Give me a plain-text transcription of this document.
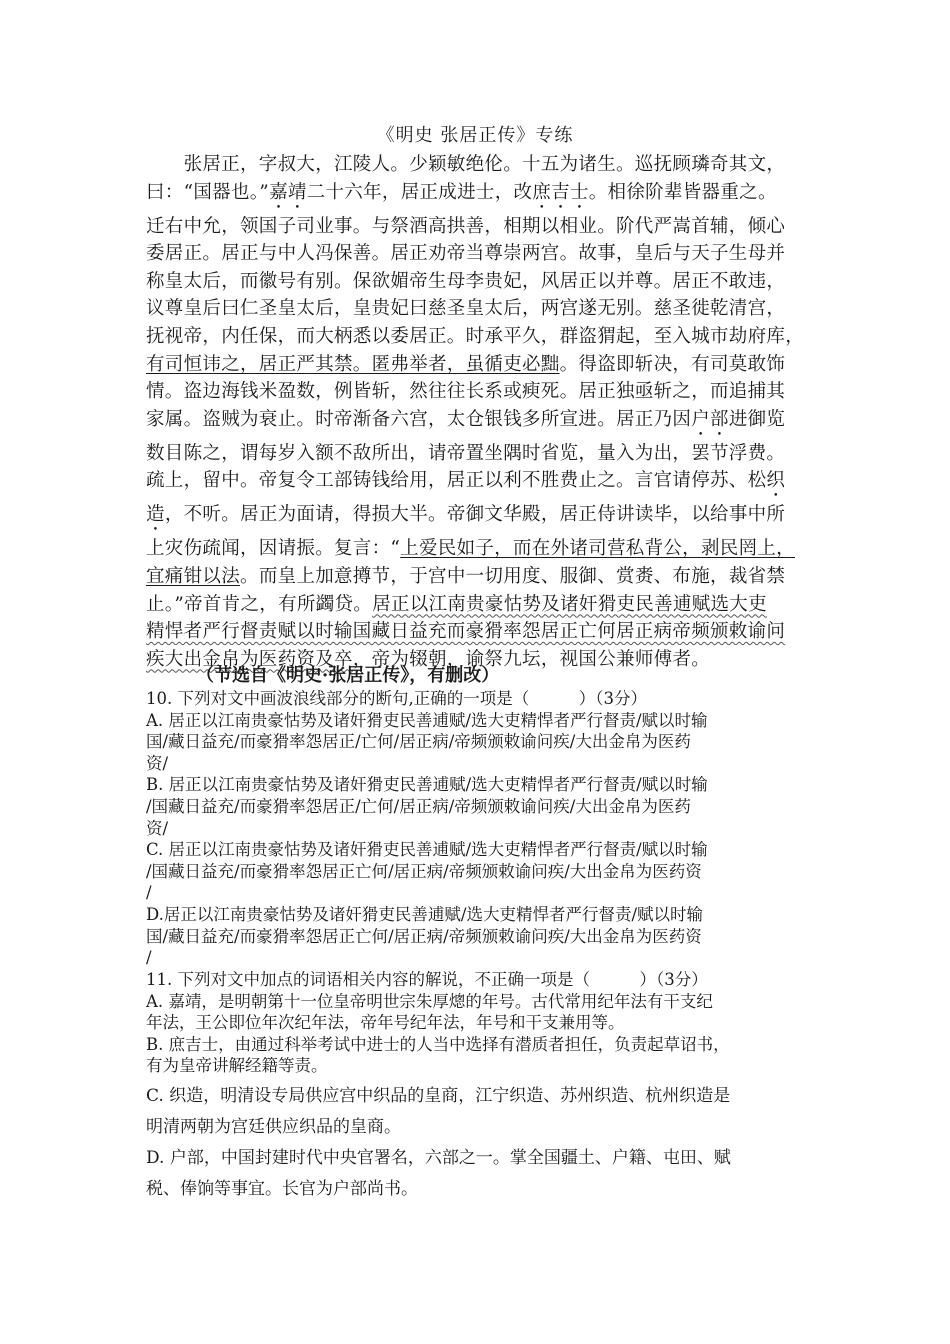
《明史 张居正传》专练
　　张居正，字叔大，江陵人。少颖敏绝伦。十五为诸生。巡抚顾璘奇其文，
曰：“国器也。”嘉靖二十六年，居正成进士，改庶吉士。相徐阶辈皆器重之。
迁右中允，领国子司业事。与祭酒高拱善，相期以相业。阶代严嵩首辅，倾心
委居正。居正与中人冯保善。居正劝帝当尊崇两宫。故事，皇后与天子生母并
称皇太后，而徽号有别。保欲媚帝生母李贵妃，风居正以并尊。居正不敢违，
议尊皇后曰仁圣皇太后，皇贵妃曰慈圣皇太后，两宫遂无别。慈圣徙乾清宫，
抚视帝，内任保，而大柄悉以委居正。时承平久，群盗猬起，至入城市劫府库，
有司恒讳之，居正严其禁。匿弗举者，虽循吏必黜。得盗即斩决，有司莫敢饰
情。盗边海钱米盈数，例皆斩，然往往长系或瘐死。居正独亟斩之，而追捕其
家属。盗贼为衰止。时帝渐备六宫，太仓银钱多所宣进。居正乃因户部进御览
数目陈之，谓每岁入额不敌所出，请帝置坐隅时省览，量入为出，罢节浮费。
疏上，留中。帝复令工部铸钱给用，居正以利不胜费止之。言官请停苏、松织
造，不听。居正为面请，得损大半。帝御文华殿，居正侍讲读毕，以给事中所
上灾伤疏闻，因请振。复言：“上爱民如子，而在外诸司营私背公，剥民罔上，
宜痛钳以法。而皇上加意撙节，于宫中一切用度、服御、赏赉、布施，裁省禁
止。”帝首肯之，有所蠲贷。居正以江南贵豪怙势及诸奸猾吏民善逋赋选大吏
精悍者严行督责赋以时输国藏日益充而豪猾率怨居正亡何居正病帝频颁敕谕问
疾大出金帛为医药资及卒，帝为辍朝，谕祭九坛，视国公兼师傅者。
（节选自《明史·张居正传》，有删改）
10. 下列对文中画波浪线部分的断句,正确的一项是（　　　）（3分）
A. 居正以江南贵豪怙势及诸奸猾吏民善逋赋/选大吏精悍者严行督责/赋以时输
国/藏日益充/而豪猾率怨居正/亡何/居正病/帝频颁敕谕问疾/大出金帛为医药
资/
B. 居正以江南贵豪怙势及诸奸猾吏民善逋赋/选大吏精悍者严行督责/赋以时输
/国藏日益充/而豪猾率怨居正/亡何/居正病/帝频颁敕谕问疾/大出金帛为医药
资/
C. 居正以江南贵豪怙势及诸奸猾吏民善逋赋/选大吏精悍者严行督责/赋以时输
/国藏日益充/而豪猾率怨居正亡何/居正病/帝频颁敕谕问疾/大出金帛为医药资
/
D.居正以江南贵豪怙势及诸奸猾吏民善逋赋/选大吏精悍者严行督责/赋以时输
国/藏日益充/而豪猾率怨居正亡何/居正病/帝频颁敕谕问疾/大出金帛为医药资
/
11. 下列对文中加点的词语相关内容的解说，不正确一项是（　　　）（3分）
A. 嘉靖，是明朝第十一位皇帝明世宗朱厚熜的年号。古代常用纪年法有干支纪
年法，王公即位年次纪年法，帝年号纪年法，年号和干支兼用等。
B. 庶吉士，由通过科举考试中进士的人当中选择有潜质者担任，负责起草诏书，
有为皇帝讲解经籍等责。
C. 织造，明清设专局供应宫中织品的皇商，江宁织造、苏州织造、杭州织造是
明清两朝为宫廷供应织品的皇商。
D. 户部，中国封建时代中央官署名，六部之一。掌全国疆土、户籍、屯田、赋
税、俸饷等事宜。长官为户部尚书。
